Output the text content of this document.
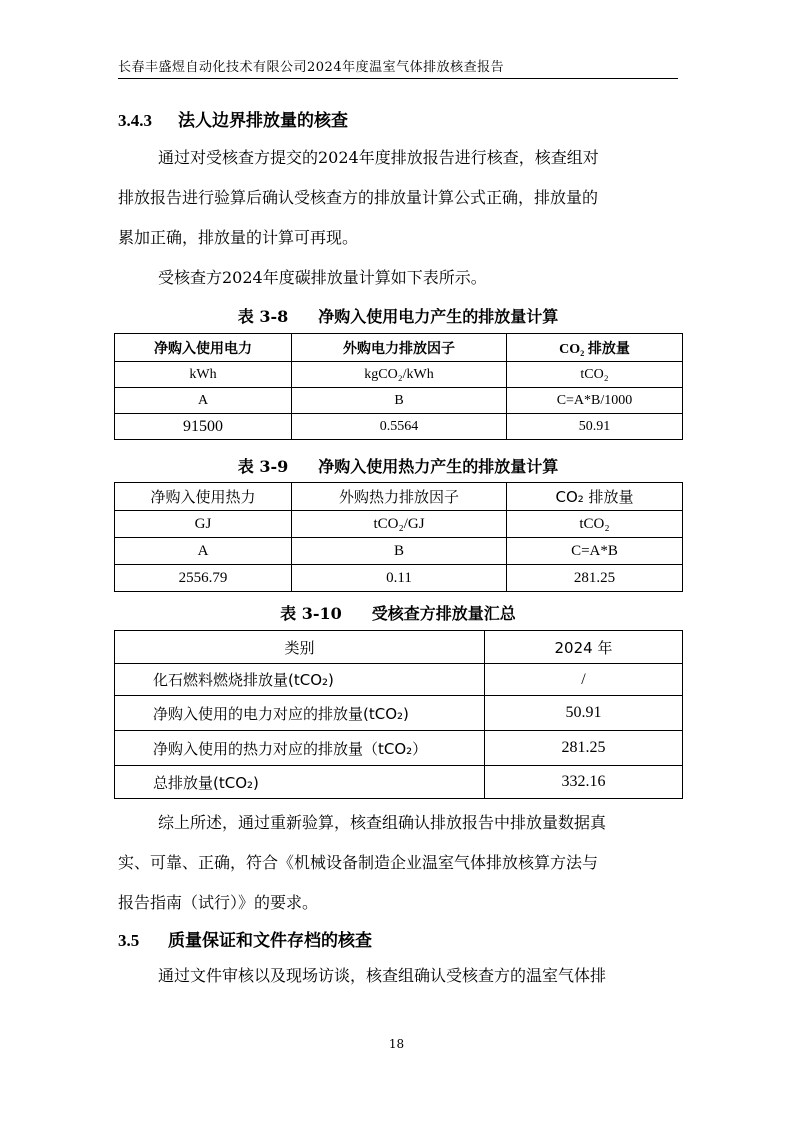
长春丰盛煜自动化技术有限公司2024年度温室气体排放核查报告
3.4.3 法人边界排放量的核查
通过对受核查方提交的2024年度排放报告进行核查，核查组对
排放报告进行验算后确认受核查方的排放量计算公式正确，排放量的
累加正确，排放量的计算可再现。
受核查方2024年度碳排放量计算如下表所示。
表 3-8 净购入使用电力产生的排放量计算
净购入使用电力	外购电力排放因子	CO₂ 排放量
kWh	kgCO₂/kWh	tCO₂
A	B	C=A*B/1000
91500	0.5564	50.91
表 3-9 净购入使用热力产生的排放量计算
净购入使用热力	外购热力排放因子	CO₂ 排放量
GJ	tCO₂/GJ	tCO₂
A	B	C=A*B
2556.79	0.11	281.25
表 3-10 受核查方排放量汇总
类别	2024 年
化石燃料燃烧排放量(tCO₂)	/
净购入使用的电力对应的排放量(tCO₂)	50.91
净购入使用的热力对应的排放量（tCO₂）	281.25
总排放量(tCO₂)	332.16
综上所述，通过重新验算，核查组确认排放报告中排放量数据真
实、可靠、正确，符合《机械设备制造企业温室气体排放核算方法与
报告指南（试行）》的要求。
3.5 质量保证和文件存档的核查
通过文件审核以及现场访谈，核查组确认受核查方的温室气体排
18
